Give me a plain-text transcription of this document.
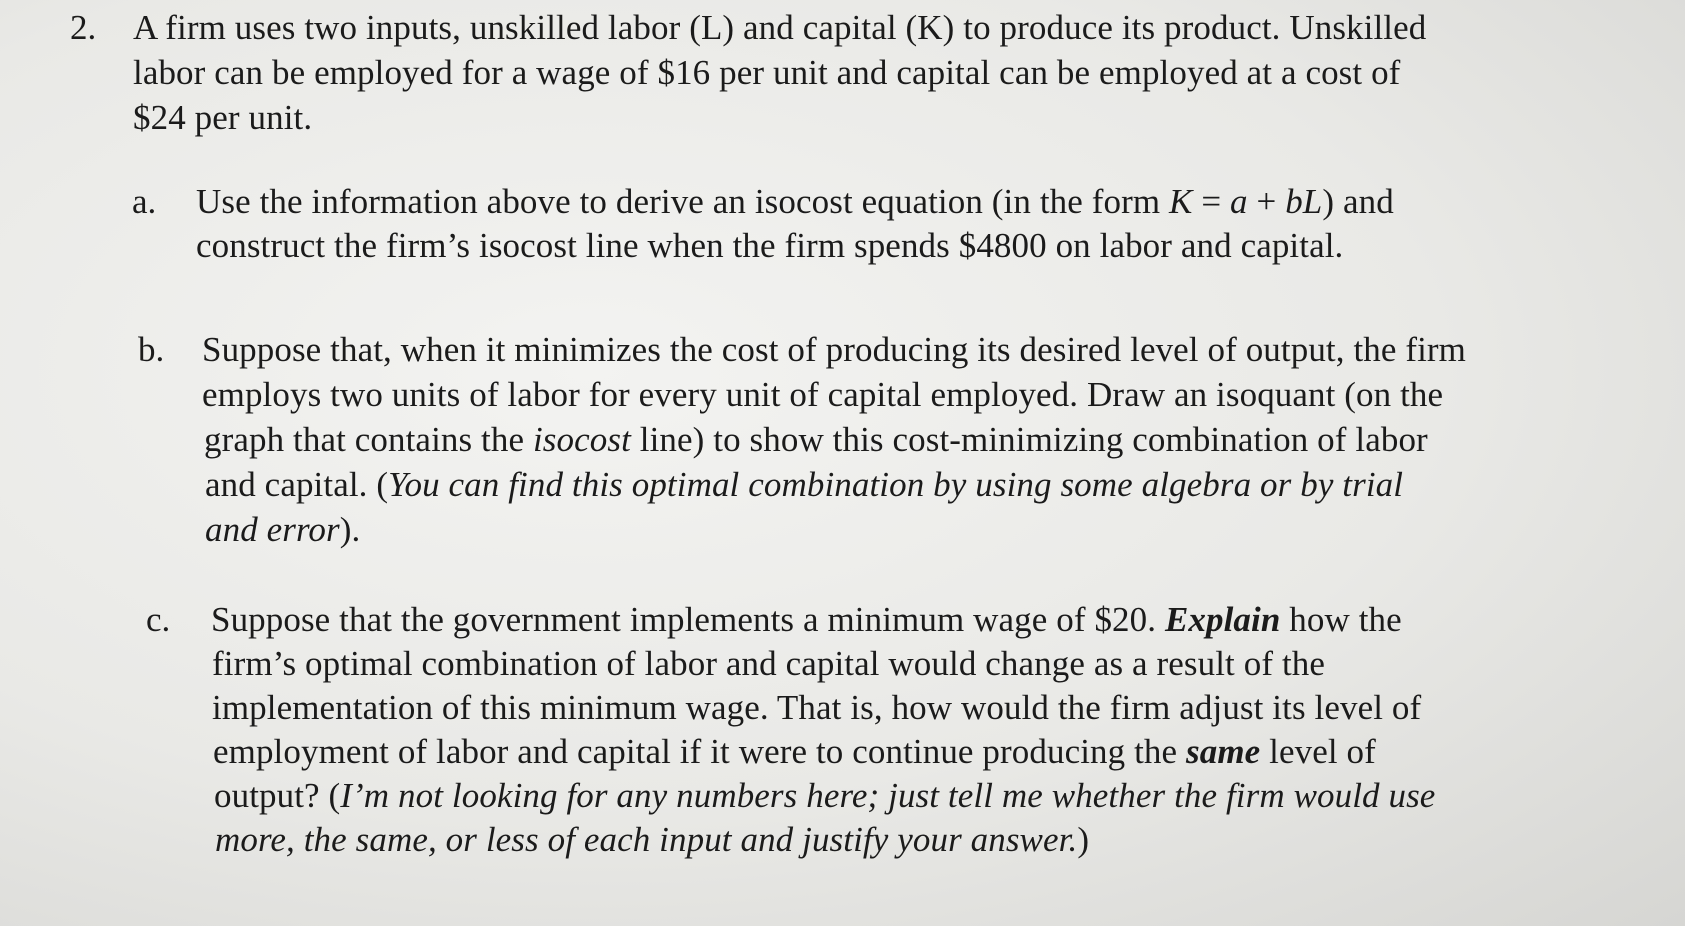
2. A firm uses two inputs, unskilled labor (L) and capital (K) to produce its product. Unskilled
labor can be employed for a wage of $16 per unit and capital can be employed at a cost of
$24 per unit.
a. Use the information above to derive an isocost equation (in the form K = a + bL) and
construct the firm’s isocost line when the firm spends $4800 on labor and capital.
b. Suppose that, when it minimizes the cost of producing its desired level of output, the firm
employs two units of labor for every unit of capital employed. Draw an isoquant (on the
graph that contains the isocost line) to show this cost-minimizing combination of labor
and capital. (You can find this optimal combination by using some algebra or by trial
and error).
c. Suppose that the government implements a minimum wage of $20. Explain how the
firm’s optimal combination of labor and capital would change as a result of the
implementation of this minimum wage. That is, how would the firm adjust its level of
employment of labor and capital if it were to continue producing the same level of
output? (I’m not looking for any numbers here; just tell me whether the firm would use
more, the same, or less of each input and justify your answer.)
